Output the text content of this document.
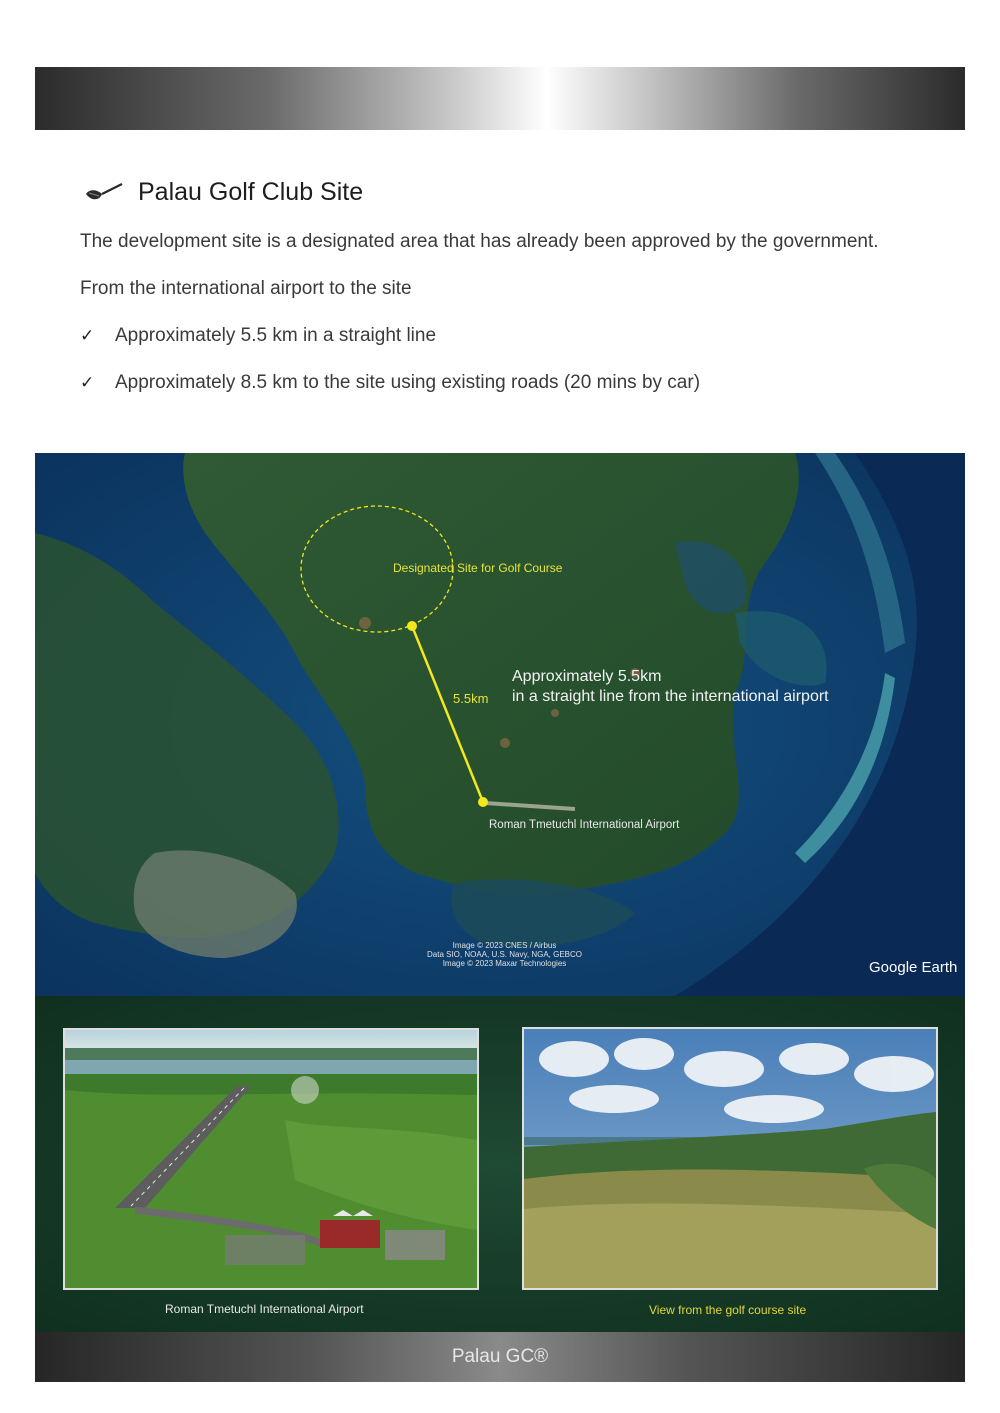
Palau Golf Club Site
The development site is a designated area that has already been approved by the government.
From the international airport to the site
✓	Approximately 5.5 km in a straight line
✓	Approximately 8.5 km to the site using existing roads (20 mins by car)
Designated Site for Golf Course
Approximately 5.5km
in a straight line from the international airport
5.5km
Roman Tmetuchl International Airport
Image © 2023 CNES / Airbus
Data SIO, NOAA, U.S. Navy, NGA, GEBCO
Image © 2023 Maxar Technologies	Google Earth
Roman Tmetuchl International Airport	View from the golf course site
Palau GC®
